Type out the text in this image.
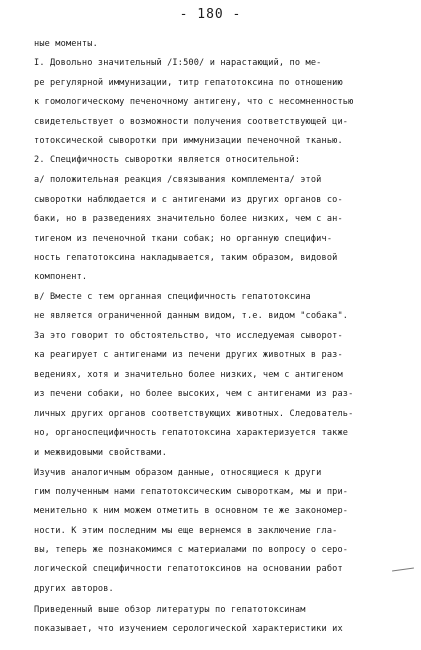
- 180 -
ные моменты.
I. Довольно значительный /I:500/ и нарастающий, по ме-
ре регулярной иммунизации, титр гепатотоксина по отношению
к гомологическому печеночному антигену, что с несомненностью
свидетельствует о возможности получения соответствующей ци-
тотоксической сыворотки при иммунизации печеночной тканью.
2. Специфичность сыворотки является относительной:
а/ положительная реакция /связывания комплемента/ этой
сыворотки наблюдается и с антигенами из других органов со-
баки, но в разведениях значительно более низких, чем с ан-
тигеном из печеночной ткани собак; но органную специфич-
ность гепатотоксина накладывается, таким образом, видовой
компонент.
в/ Вместе с тем органная специфичность гепатотоксина
не является ограниченной данным видом, т.е. видом "собака".
За это говорит то обстоятельство, что исследуемая сыворот-
ка реагирует с антигенами из печени других животных в раз-
ведениях, хотя и значительно более низких, чем с антигеном
из печени собаки, но более высоких, чем с антигенами из раз-
личных других органов соответствующих животных. Следователь-
но, органоспецифичность гепатотоксина характеризуется также
и межвидовыми свойствами.
Изучив аналогичным образом данные, относящиеся к други
гим полученным нами гепатотоксическим сывороткам, мы и при-
менительно к ним можем отметить в основном те же закономер-
ности. К этим последним мы еще вернемся в заключение гла-
вы, теперь же познакомимся с материалами по вопросу о серо-
логической специфичности гепатотоксинов на основании работ
других авторов.
Приведенный выше обзор литературы по гепатотоксинам
показывает, что изучением серологической характеристики их
